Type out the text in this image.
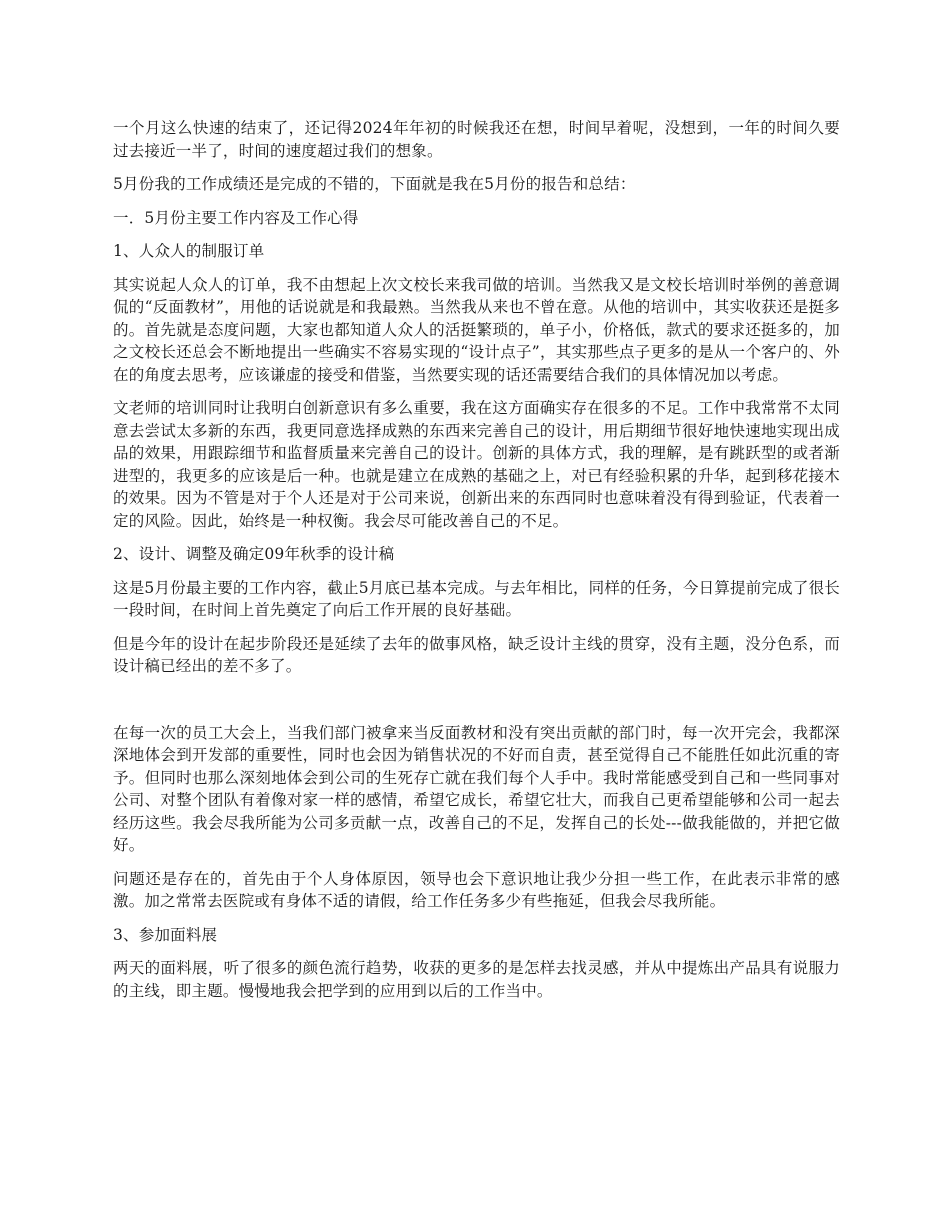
一个月这么快速的结束了，还记得2024年年初的时候我还在想，时间早着呢，没想到，一年的时间久要过去接近一半了，时间的速度超过我们的想象。

5月份我的工作成绩还是完成的不错的，下面就是我在5月份的报告和总结：

一．5月份主要工作内容及工作心得

1、人众人的制服订单

其实说起人众人的订单，我不由想起上次文校长来我司做的培训。当然我又是文校长培训时举例的善意调侃的“反面教材”，用他的话说就是和我最熟。当然我从来也不曾在意。从他的培训中，其实收获还是挺多的。首先就是态度问题，大家也都知道人众人的活挺繁琐的，单子小，价格低，款式的要求还挺多的，加之文校长还总会不断地提出一些确实不容易实现的“设计点子”，其实那些点子更多的是从一个客户的、外在的角度去思考，应该谦虚的接受和借鉴，当然要实现的话还需要结合我们的具体情况加以考虑。

文老师的培训同时让我明白创新意识有多么重要，我在这方面确实存在很多的不足。工作中我常常不太同意去尝试太多新的东西，我更同意选择成熟的东西来完善自己的设计，用后期细节很好地快速地实现出成品的效果，用跟踪细节和监督质量来完善自己的设计。创新的具体方式，我的理解，是有跳跃型的或者渐进型的，我更多的应该是后一种。也就是建立在成熟的基础之上，对已有经验积累的升华，起到移花接木的效果。因为不管是对于个人还是对于公司来说，创新出来的东西同时也意味着没有得到验证，代表着一定的风险。因此，始终是一种权衡。我会尽可能改善自己的不足。

2、设计、调整及确定09年秋季的设计稿

这是5月份最主要的工作内容，截止5月底已基本完成。与去年相比，同样的任务，今日算提前完成了很长一段时间，在时间上首先奠定了向后工作开展的良好基础。

但是今年的设计在起步阶段还是延续了去年的做事风格，缺乏设计主线的贯穿，没有主题，没分色系，而设计稿已经出的差不多了。

在每一次的员工大会上，当我们部门被拿来当反面教材和没有突出贡献的部门时，每一次开完会，我都深深地体会到开发部的重要性，同时也会因为销售状况的不好而自责，甚至觉得自己不能胜任如此沉重的寄予。但同时也那么深刻地体会到公司的生死存亡就在我们每个人手中。我时常能感受到自己和一些同事对公司、对整个团队有着像对家一样的感情，希望它成长，希望它壮大，而我自己更希望能够和公司一起去经历这些。我会尽我所能为公司多贡献一点，改善自己的不足，发挥自己的长处---做我能做的，并把它做好。

问题还是存在的，首先由于个人身体原因，领导也会下意识地让我少分担一些工作，在此表示非常的感激。加之常常去医院或有身体不适的请假，给工作任务多少有些拖延，但我会尽我所能。

3、参加面料展

两天的面料展，听了很多的颜色流行趋势，收获的更多的是怎样去找灵感，并从中提炼出产品具有说服力的主线，即主题。慢慢地我会把学到的应用到以后的工作当中。
